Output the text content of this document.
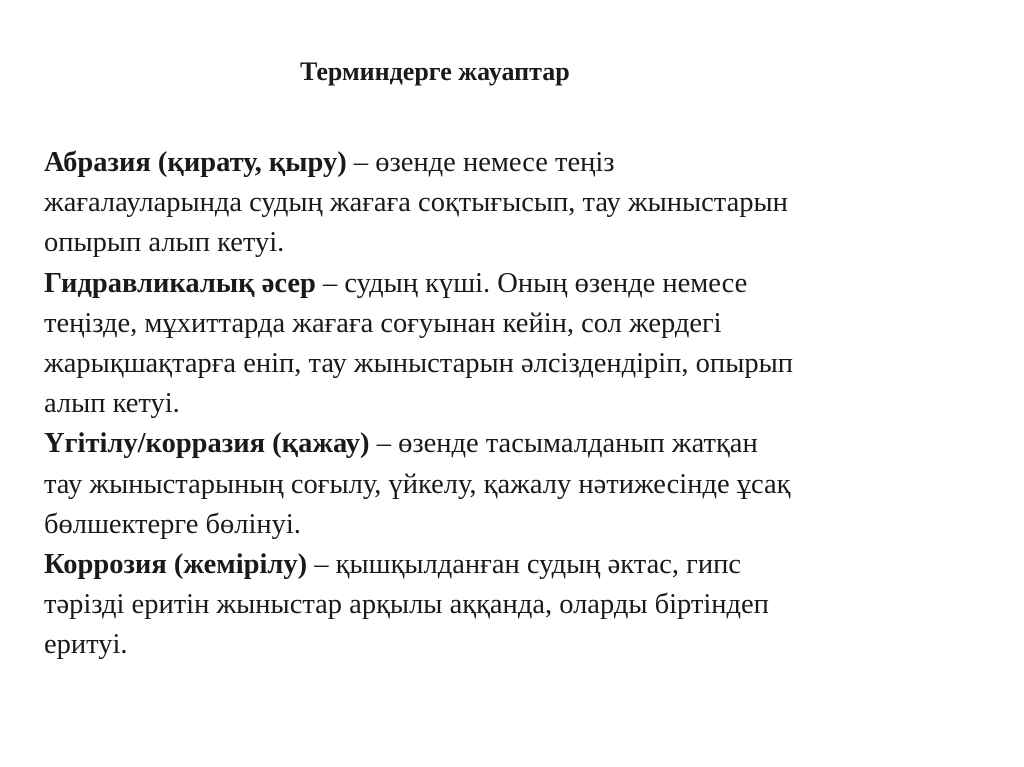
Терминдерге жауаптар
Абразия (қирату, қыру) – өзенде немесе теңіз
жағалауларында судың жағаға соқтығысып, тау жыныстарын
опырып алып кетуі.
Гидравликалық әсер – судың күші. Оның өзенде немесе
теңізде, мұхиттарда жағаға соғуынан кейін, сол жердегі
жарықшақтарға еніп, тау жыныстарын әлсіздендіріп, опырып
алып кетуі.
Үгітілу/корразия (қажау) – өзенде тасымалданып жатқан
тау жыныстарының соғылу, үйкелу, қажалу нәтижесінде ұсақ
бөлшектерге бөлінуі.
Коррозия (жемірілу) – қышқылданған судың әктас, гипс
тәрізді еритін жыныстар арқылы аққанда, оларды біртіндеп
еритуі.
